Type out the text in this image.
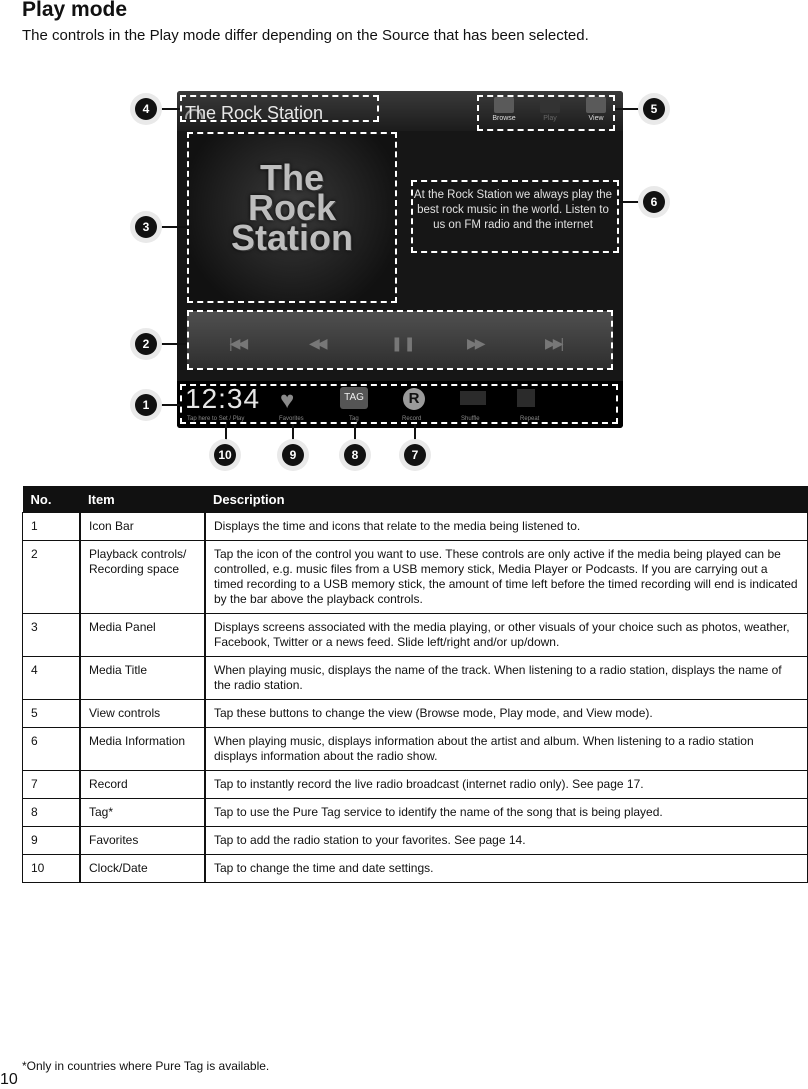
Play mode

The controls in the Play mode differ depending on the Source that has been selected.

The Rock Station	Browse	Play	View
The
Rock
Station
At the Rock Station we always play the best rock music in the world. Listen to us on FM radio and the internet
|◀◀	◀◀	❚❚	▶▶	▶▶|
12:34
Tap here to Set / Play
♥
Favorites
TAG
Tag
R
Record	Shuffle	Repeat
1
2
3
4	5
6
7
8
9
10
No.	Item	Description
1	Icon Bar	Displays the time and icons that relate to the media being listened to.
2	Playback controls/ Recording space	Tap the icon of the control you want to use. These controls are only active if the media being played can be controlled, e.g. music files from a USB memory stick, Media Player or Podcasts. If you are carrying out a timed recording to a USB memory stick, the amount of time left before the timed recording will end is indicated by the bar above the playback controls.
3	Media Panel	Displays screens associated with the media playing, or other visuals of your choice such as photos, weather, Facebook, Twitter or a news feed. Slide left/right and/or up/down.
4	Media Title	When playing music, displays the name of the track. When listening to a radio station, displays the name of the radio station.
5	View controls	Tap these buttons to change the view (Browse mode, Play mode, and View mode).
6	Media Information	When playing music, displays information about the artist and album. When listening to a radio station displays information about the radio show.
7	Record	Tap to instantly record the live radio broadcast (internet radio only). See page 17.
8	Tag*	Tap to use the Pure Tag service to identify the name of the song that is being played.
9	Favorites	Tap to add the radio station to your favorites. See page 14.
10	Clock/Date	Tap to change the time and date settings.

*Only in countries where Pure Tag is available.

10
